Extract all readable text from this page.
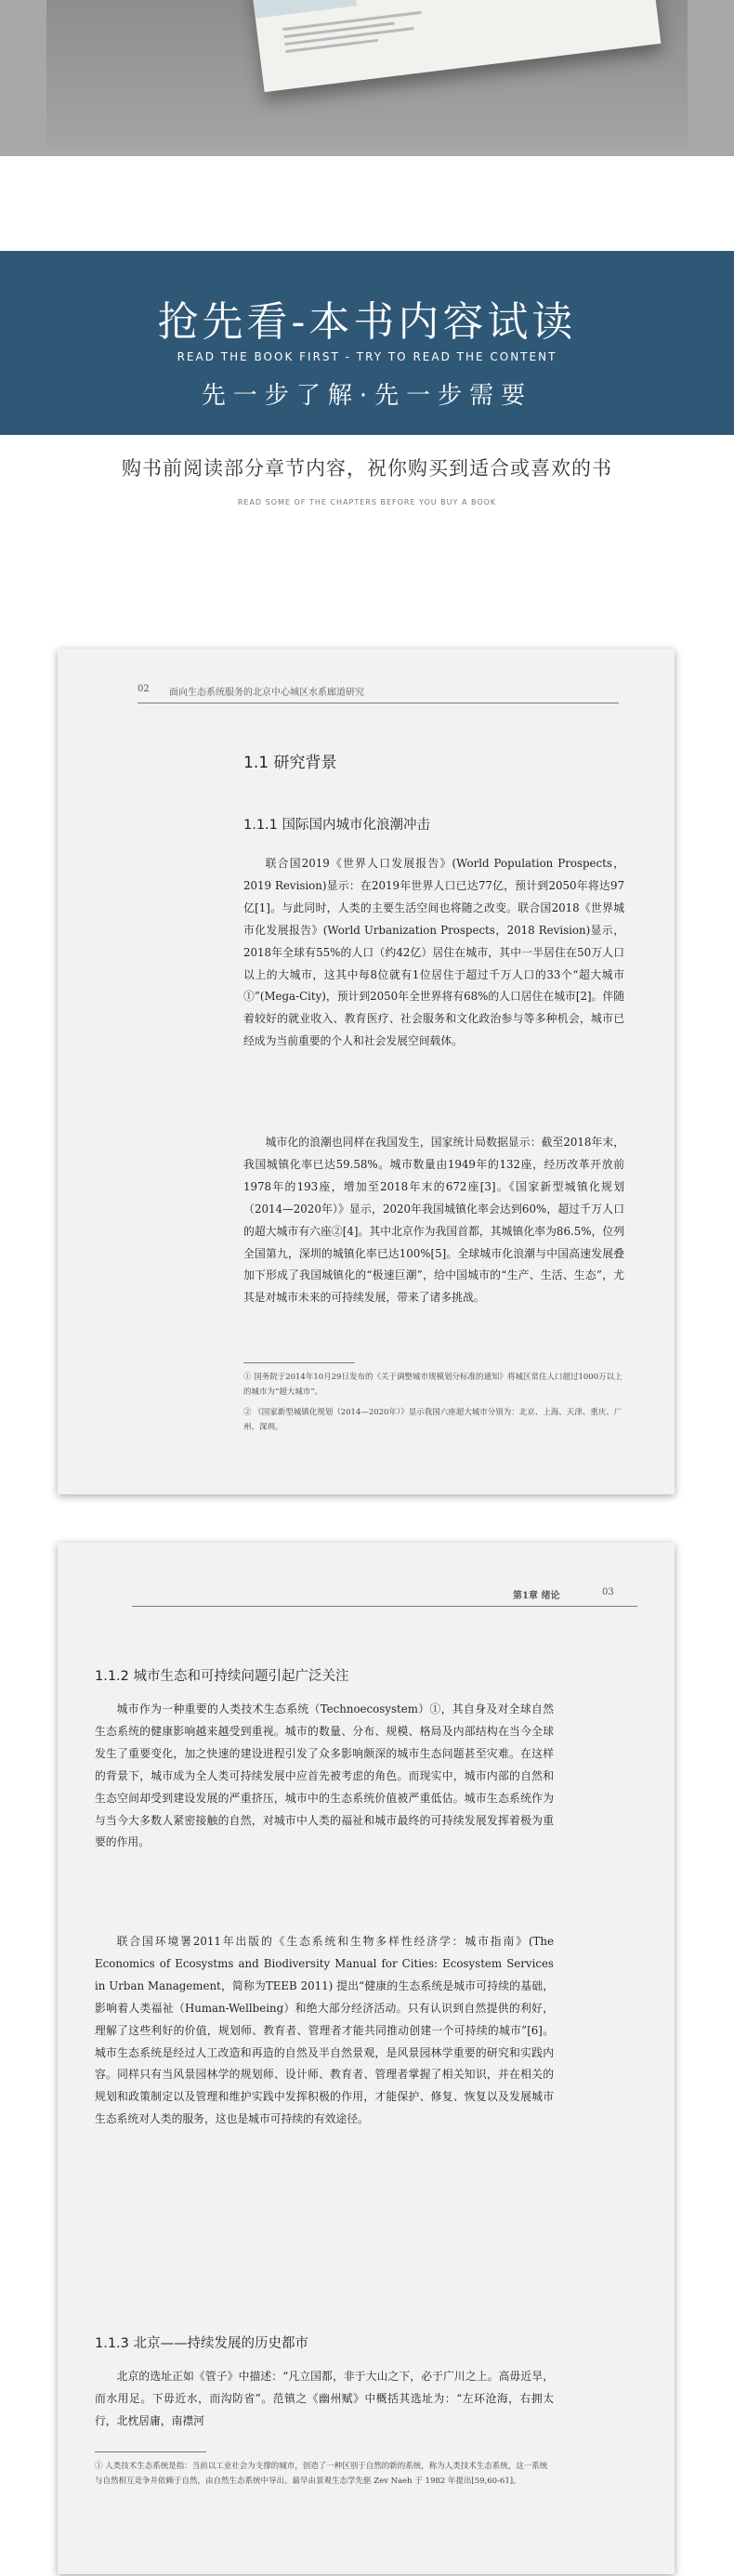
抢先看-本书内容试读
READ THE BOOK FIRST - TRY TO READ THE CONTENT
先一步了解·先一步需要
购书前阅读部分章节内容，祝你购买到适合或喜欢的书
READ SOME OF THE CHAPTERS BEFORE YOU BUY A BOOK
02 面向生态系统服务的北京中心城区水系廊道研究
1.1 研究背景
1.1.1 国际国内城市化浪潮冲击

联合国2019《世界人口发展报告》(World Population Prospects，2019 Revision)显示：在2019年世界人口已达77亿，预计到2050年将达97亿[1]。与此同时，人类的主要生活空间也将随之改变。联合国2018《世界城市化发展报告》(World Urbanization Prospects，2018 Revision)显示，2018年全球有55%的人口（约42亿）居住在城市，其中一半居住在50万人口以上的大城市，这其中每8位就有1位居住于超过千万人口的33个“超大城市①”(Mega-City)，预计到2050年全世界将有68%的人口居住在城市[2]。伴随着较好的就业收入、教育医疗、社会服务和文化政治参与等多种机会，城市已经成为当前重要的个人和社会发展空间载体。

城市化的浪潮也同样在我国发生，国家统计局数据显示：截至2018年末，我国城镇化率已达59.58%。城市数量由1949年的132座，经历改革开放前1978年的193座，增加至2018年末的672座[3]。《国家新型城镇化规划（2014—2020年）》显示，2020年我国城镇化率会达到60%，超过千万人口的超大城市有六座②[4]。其中北京作为我国首都，其城镇化率为86.5%，位列全国第九，深圳的城镇化率已达100%[5]。全球城市化浪潮与中国高速发展叠加下形成了我国城镇化的“极速巨潮”，给中国城市的“生产、生活、生态”，尤其是对城市未来的可持续发展，带来了诸多挑战。

① 国务院于2014年10月29日发布的《关于调整城市规模划分标准的通知》将城区常住人口超过1000万以上的城市为“超大城市”。

② 《国家新型城镇化规划（2014—2020年）》显示我国六座超大城市分别为：北京、上海、天津、重庆、广州、深圳。

第1章 绪论	03
1.1.2 城市生态和可持续问题引起广泛关注

城市作为一种重要的人类技术生态系统（Technoecosystem）①，其自身及对全球自然生态系统的健康影响越来越受到重视。城市的数量、分布、规模、格局及内部结构在当今全球发生了重要变化，加之快速的建设进程引发了众多影响颇深的城市生态问题甚至灾难。在这样的背景下，城市成为全人类可持续发展中应首先被考虑的角色。而现实中，城市内部的自然和生态空间却受到建设发展的严重挤压，城市中的生态系统价值被严重低估。城市生态系统作为与当今大多数人紧密接触的自然，对城市中人类的福祉和城市最终的可持续发展发挥着极为重要的作用。

联合国环境署2011年出版的《生态系统和生物多样性经济学：城市指南》(The Economics of Ecosystms and Biodiversity Manual for Cities: Ecosystem Services in Urban Management，简称为TEEB 2011) 提出“健康的生态系统是城市可持续的基础，影响着人类福祉（Human-Wellbeing）和绝大部分经济活动。只有认识到自然提供的利好，理解了这些利好的价值，规划师、教育者、管理者才能共同推动创建一个可持续的城市”[6]。城市生态系统是经过人工改造和再造的自然及半自然景观，是风景园林学重要的研究和实践内容。同样只有当风景园林学的规划师、设计师、教育者、管理者掌握了相关知识，并在相关的规划和政策制定以及管理和维护实践中发挥积极的作用，才能保护、修复、恢复以及发展城市生态系统对人类的服务，这也是城市可持续的有效途径。

1.1.3 北京——持续发展的历史都市

北京的选址正如《管子》中描述：“凡立国都，非于大山之下，必于广川之上。高毋近旱，而水用足。下毋近水，而沟防省”。范镇之《幽州赋》中概括其选址为：“左环沧海，右拥太行，北枕居庸，南襟河

① 人类技术生态系统是指：当前以工业社会为支撑的城市，创造了一种区别于自然的新的系统，称为人类技术生态系统，这一系统与自然相互竞争并依赖于自然，由自然生态系统中导出。最早由景观生态学先驱 Zev Naeh 于 1982 年提出[59,60-61]。
